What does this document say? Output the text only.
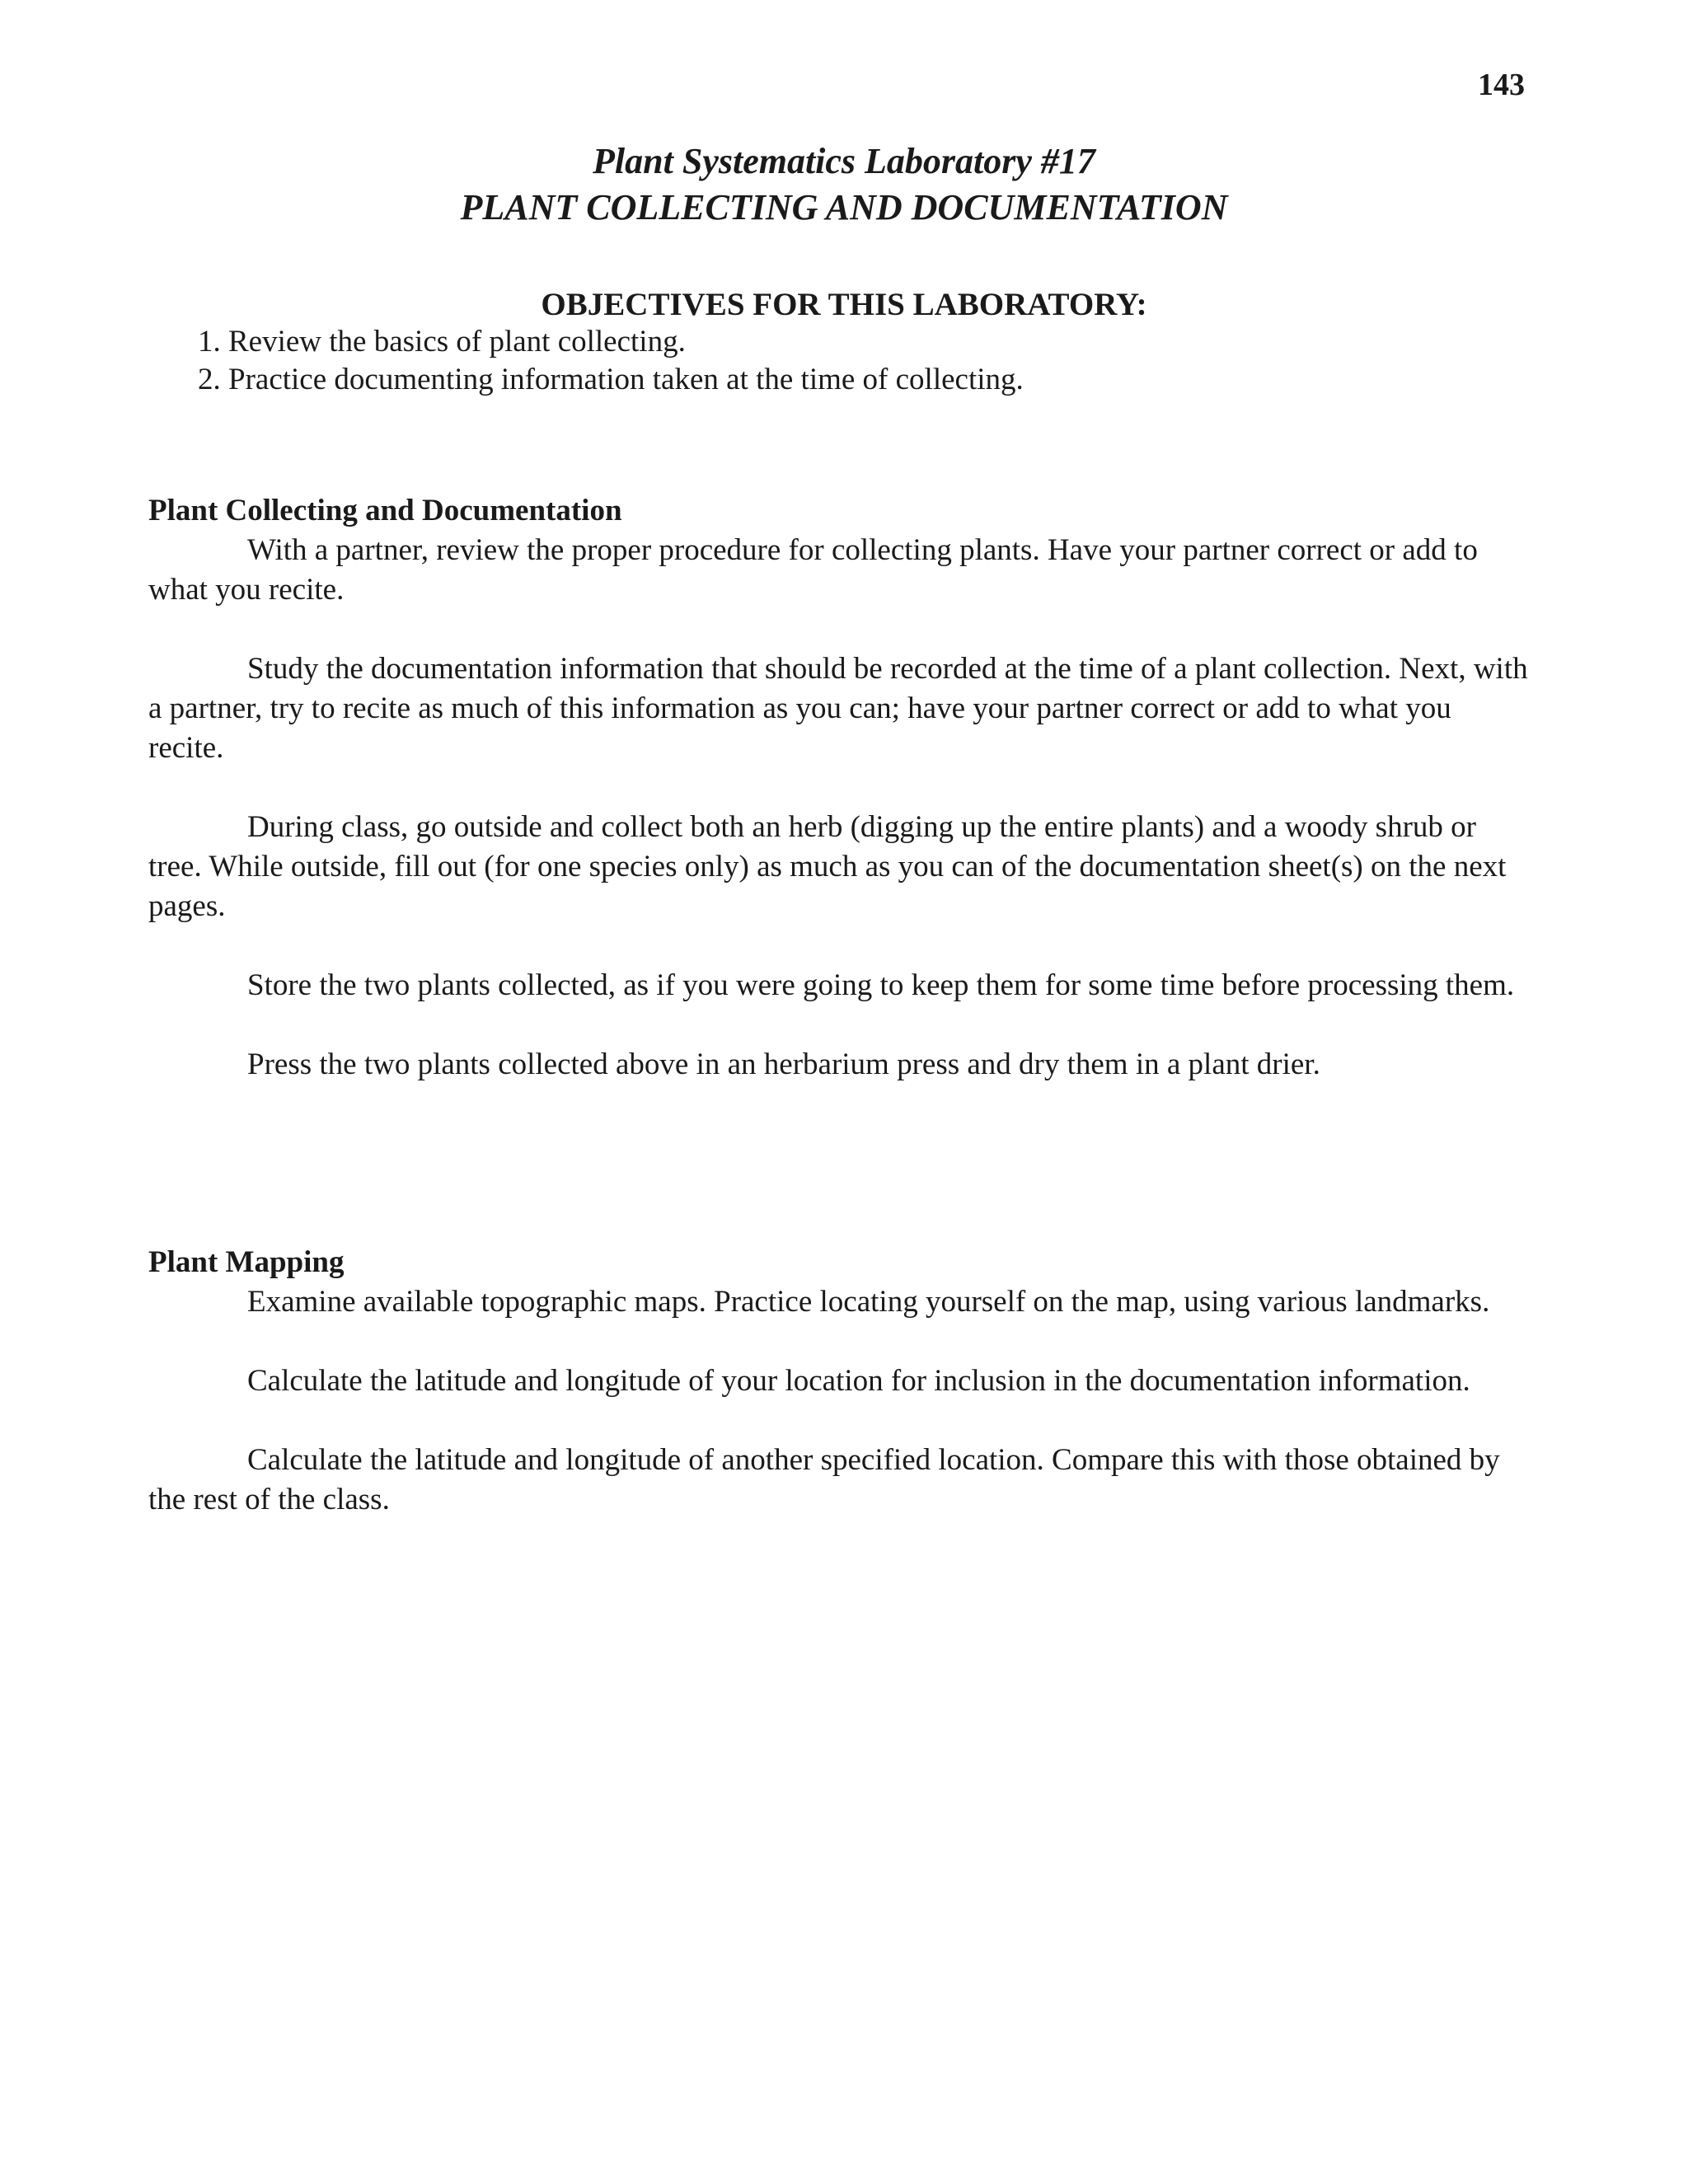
143
Plant Systematics Laboratory #17
PLANT COLLECTING AND DOCUMENTATION
OBJECTIVES FOR THIS LABORATORY:
1. Review the basics of plant collecting.
2. Practice documenting information taken at the time of collecting.
Plant Collecting and Documentation

With a partner, review the proper procedure for collecting plants. Have your partner correct or add to what you recite.

Study the documentation information that should be recorded at the time of a plant collection. Next, with a partner, try to recite as much of this information as you can; have your partner correct or add to what you recite.

During class, go outside and collect both an herb (digging up the entire plants) and a woody shrub or tree. While outside, fill out (for one species only) as much as you can of the documentation sheet(s) on the next pages.

Store the two plants collected, as if you were going to keep them for some time before processing them.

Press the two plants collected above in an herbarium press and dry them in a plant drier.

Plant Mapping

Examine available topographic maps. Practice locating yourself on the map, using various landmarks.

Calculate the latitude and longitude of your location for inclusion in the documentation information.

Calculate the latitude and longitude of another specified location. Compare this with those obtained by the rest of the class.
